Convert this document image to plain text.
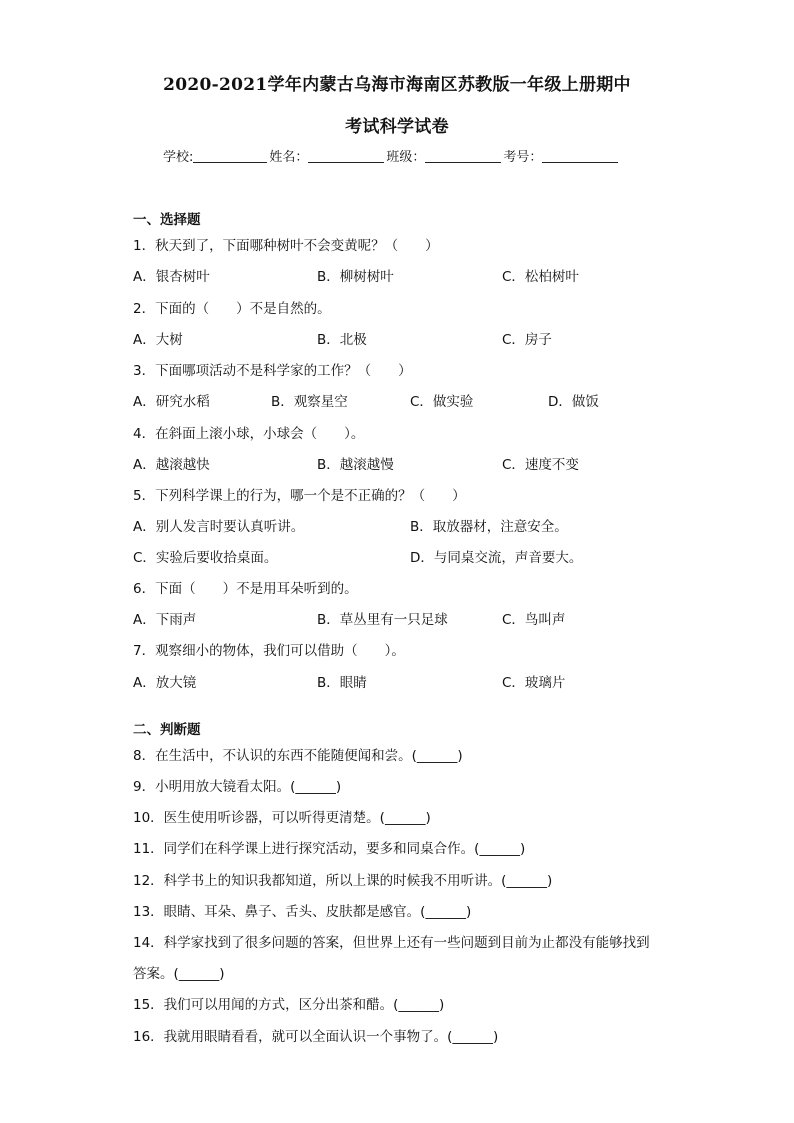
2020-2021学年内蒙古乌海市海南区苏教版一年级上册期中
考试科学试卷
学校:	姓名：	班级：	考号：
一、选择题
1．秋天到了，下面哪种树叶不会变黄呢？（　　）
A．银杏树叶	B．柳树树叶	C．松柏树叶
2．下面的（　　）不是自然的。
A．大树	B．北极	C．房子
3．下面哪项活动不是科学家的工作？（　　）
A．研究水稻	B．观察星空	C．做实验	D．做饭
4．在斜面上滚小球，小球会（　　）。
A．越滚越快	B．越滚越慢	C．速度不变
5．下列科学课上的行为，哪一个是不正确的？（　　）
A．别人发言时要认真听讲。	B．取放器材，注意安全。
C．实验后要收拾桌面。	D．与同桌交流，声音要大。
6．下面（　　）不是用耳朵听到的。
A．下雨声	B．草丛里有一只足球	C．鸟叫声
7．观察细小的物体，我们可以借助（　　）。
A．放大镜	B．眼睛	C．玻璃片
二、判断题
8．在生活中，不认识的东西不能随便闻和尝。(______)
9．小明用放大镜看太阳。(______)
10．医生使用听诊器，可以听得更清楚。(______)
11．同学们在科学课上进行探究活动，要多和同桌合作。(______)
12．科学书上的知识我都知道，所以上课的时候我不用听讲。(______)
13．眼睛、耳朵、鼻子、舌头、皮肤都是感官。(______)
14．科学家找到了很多问题的答案，但世界上还有一些问题到目前为止都没有能够找到
答案。(______)
15．我们可以用闻的方式，区分出茶和醋。(______)
16．我就用眼睛看看，就可以全面认识一个事物了。(______)
